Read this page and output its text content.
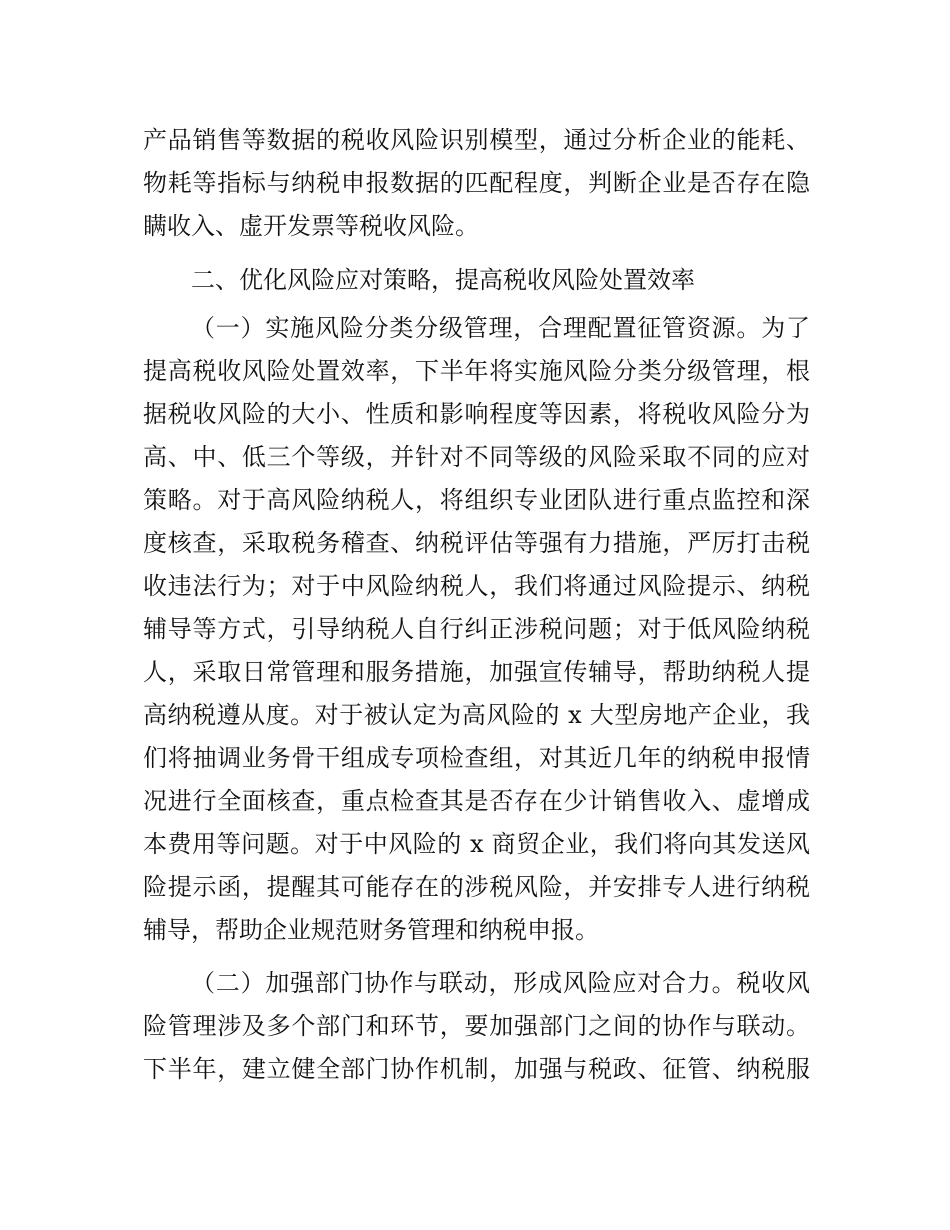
产品销售等数据的税收风险识别模型，通过分析企业的能耗、
物耗等指标与纳税申报数据的匹配程度，判断企业是否存在隐
瞒收入、虚开发票等税收风险。
二、优化风险应对策略，提高税收风险处置效率
（一）实施风险分类分级管理，合理配置征管资源。为了
提高税收风险处置效率，下半年将实施风险分类分级管理，根
据税收风险的大小、性质和影响程度等因素，将税收风险分为
高、中、低三个等级，并针对不同等级的风险采取不同的应对
策略。对于高风险纳税人，将组织专业团队进行重点监控和深
度核查，采取税务稽查、纳税评估等强有力措施，严厉打击税
收违法行为；对于中风险纳税人，我们将通过风险提示、纳税
辅导等方式，引导纳税人自行纠正涉税问题；对于低风险纳税
人，采取日常管理和服务措施，加强宣传辅导，帮助纳税人提
高纳税遵从度。对于被认定为高风险的 x 大型房地产企业，我
们将抽调业务骨干组成专项检查组，对其近几年的纳税申报情
况进行全面核查，重点检查其是否存在少计销售收入、虚增成
本费用等问题。对于中风险的 x 商贸企业，我们将向其发送风
险提示函，提醒其可能存在的涉税风险，并安排专人进行纳税
辅导，帮助企业规范财务管理和纳税申报。
（二）加强部门协作与联动，形成风险应对合力。税收风
险管理涉及多个部门和环节，要加强部门之间的协作与联动。
下半年，建立健全部门协作机制，加强与税政、征管、纳税服
